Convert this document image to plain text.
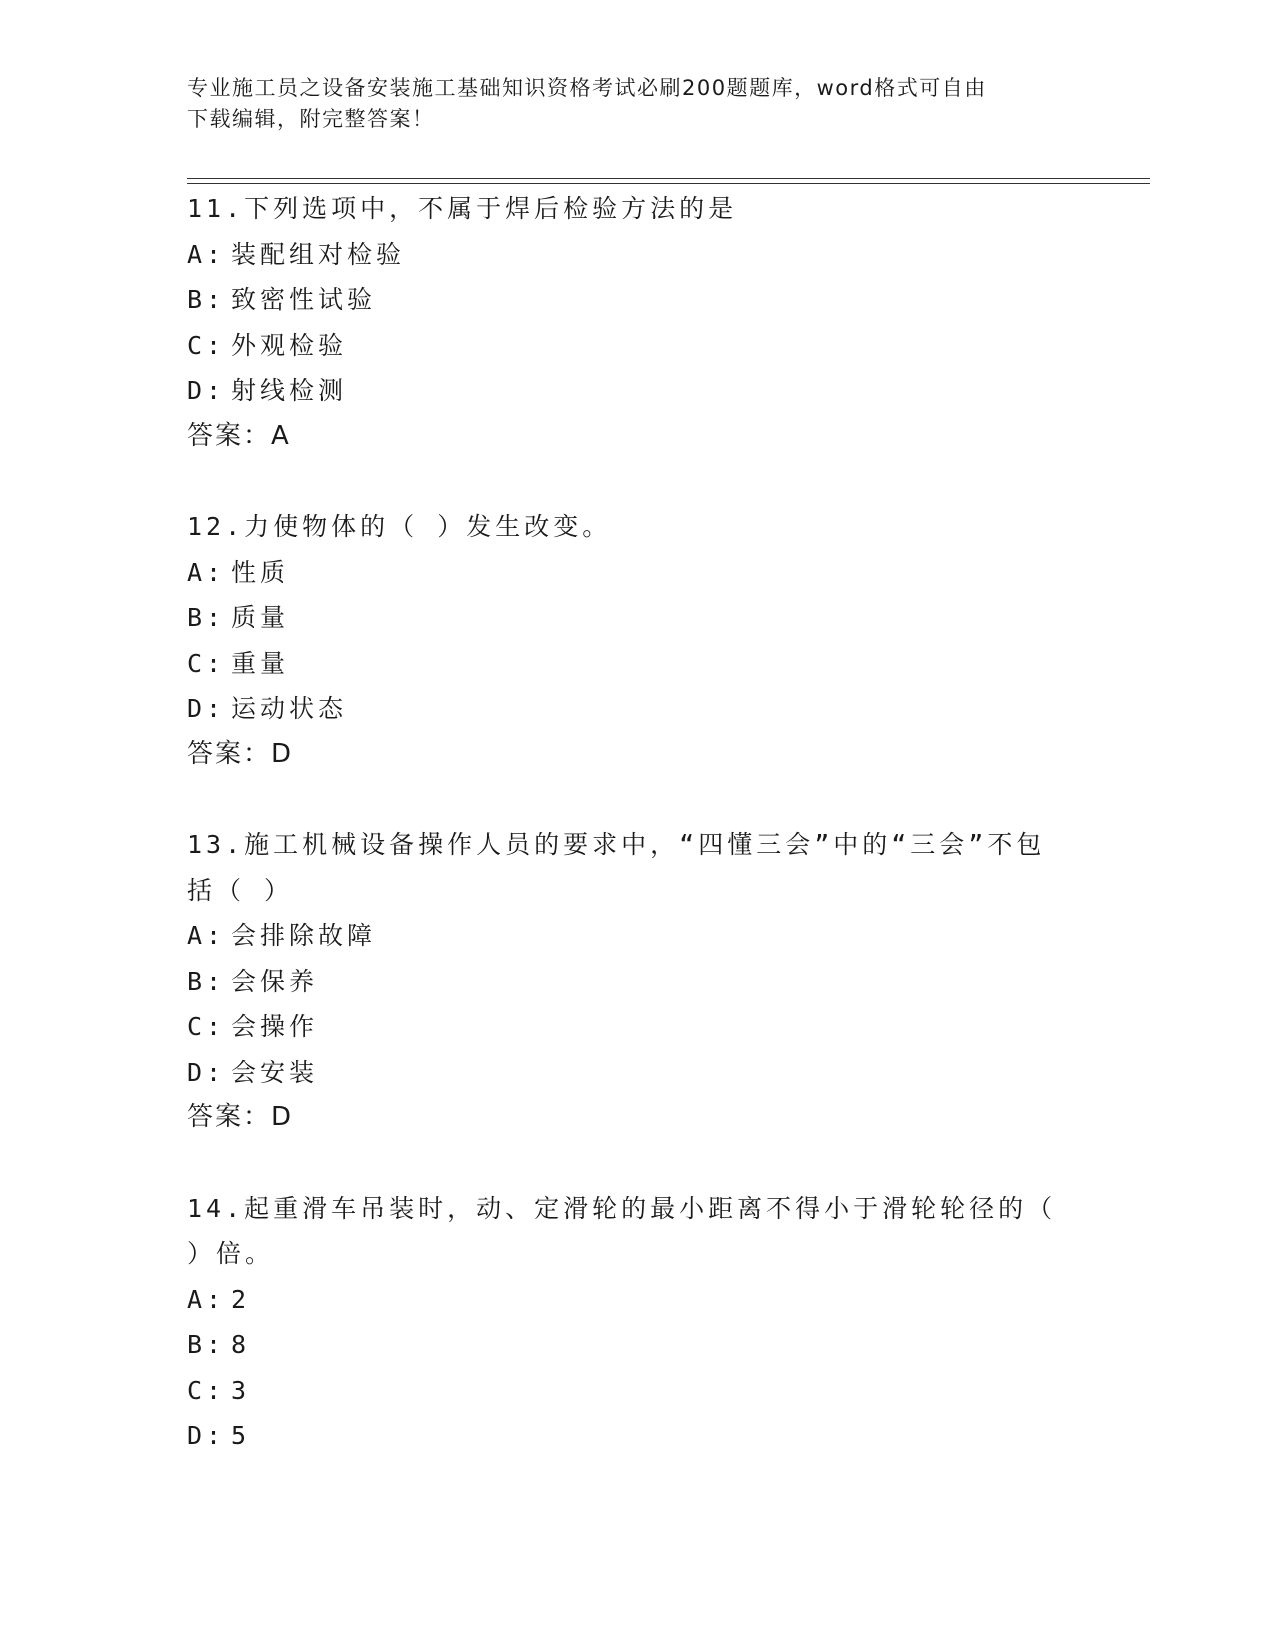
专业施工员之设备安装施工基础知识资格考试必刷200题题库，word格式可自由
下载编辑，附完整答案！
11.下列选项中，不属于焊后检验方法的是
A: 装配组对检验
B: 致密性试验
C: 外观检验
D: 射线检测
答案：A
12.力使物体的（ ）发生改变。
A: 性质
B: 质量
C: 重量
D: 运动状态
答案：D
13.施工机械设备操作人员的要求中，“四懂三会”中的“三会”不包
括（ ）
A: 会排除故障
B: 会保养
C: 会操作
D: 会安装
答案：D
14.起重滑车吊装时，动、定滑轮的最小距离不得小于滑轮轮径的（
）倍。
A: 2
B: 8
C: 3
D: 5
